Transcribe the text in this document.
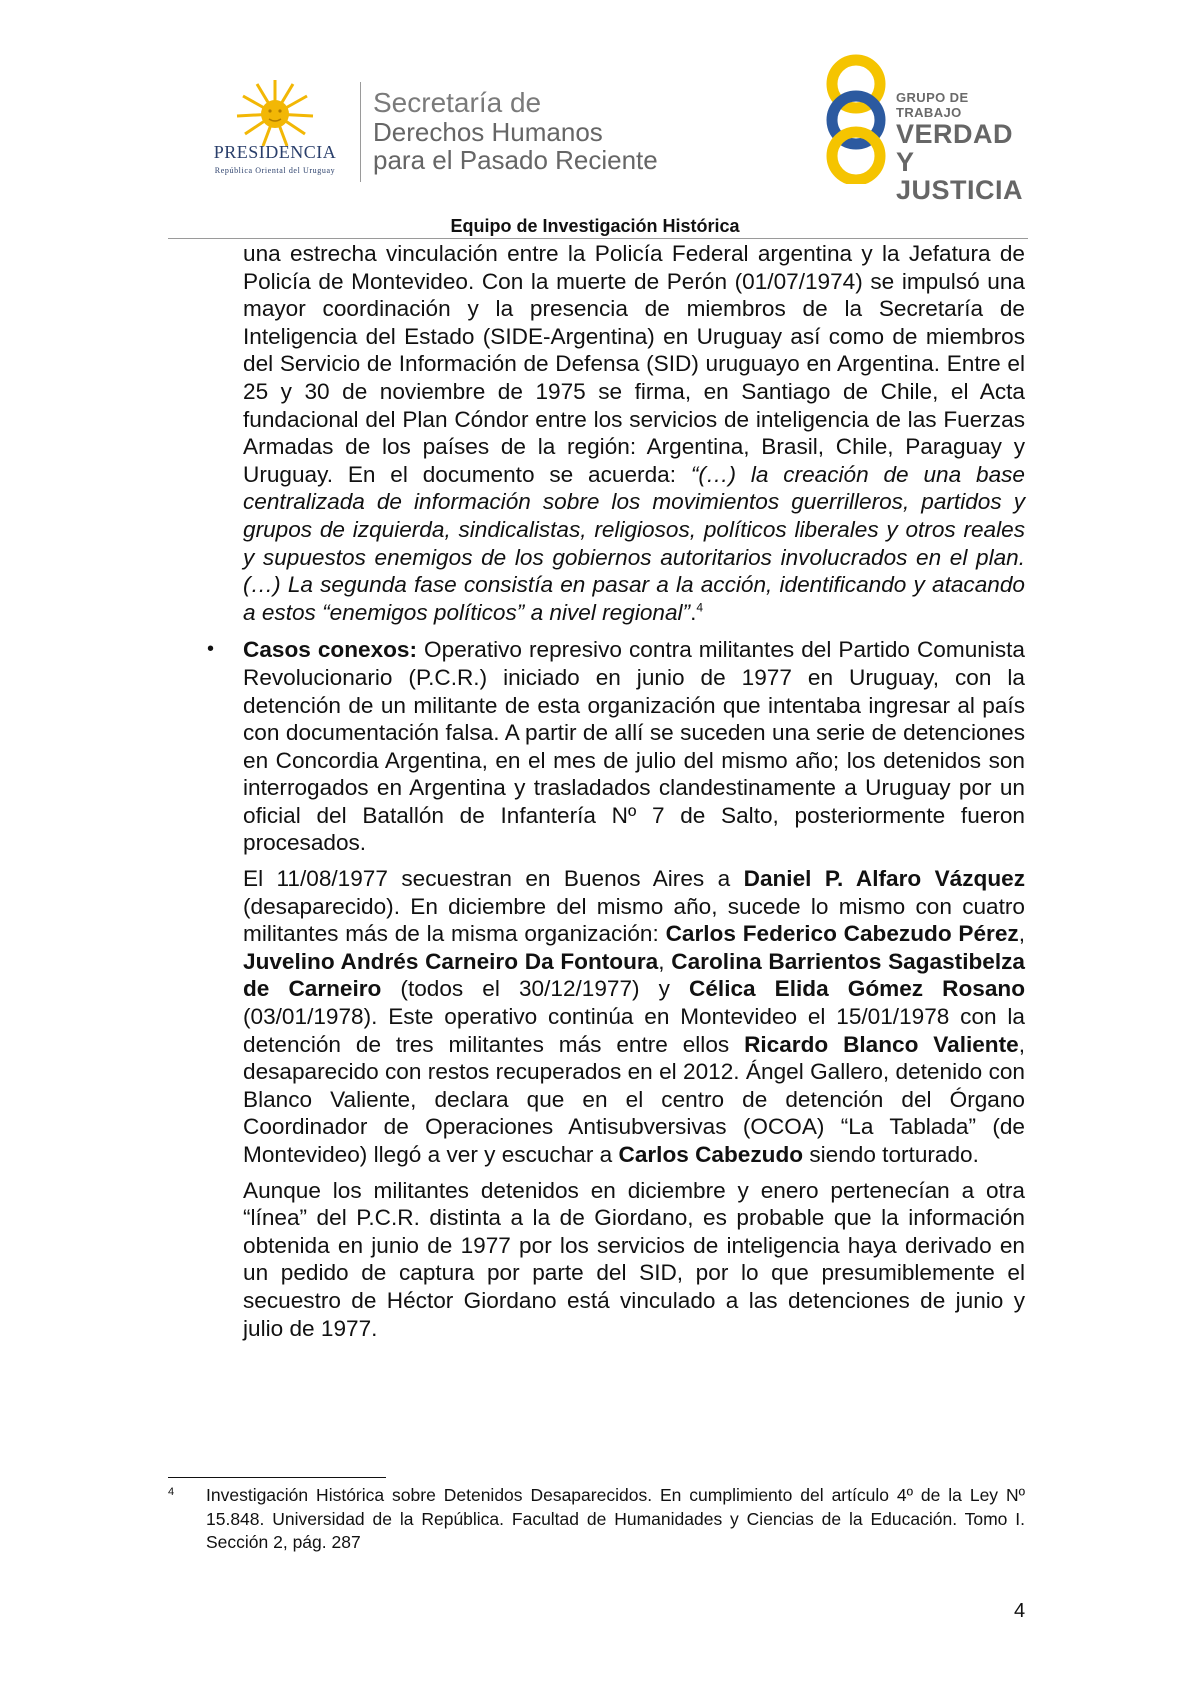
PRESIDENCIA
República Oriental del Uruguay
Secretaría de
Derechos Humanos
para el Pasado Reciente
GRUPO DE TRABAJO
VERDAD Y
JUSTICIA
Equipo de Investigación Histórica

una estrecha vinculación entre la Policía Federal argentina y la Jefatura de Policía de Montevideo. Con la muerte de Perón (01/07/1974) se impulsó una mayor coordinación y la presencia de miembros de la Secretaría de Inteligencia del Estado (SIDE-Argentina) en Uruguay así como de miembros del Servicio de Información de Defensa (SID) uruguayo en Argentina. Entre el 25 y 30 de noviembre de 1975 se firma, en Santiago de Chile, el Acta fundacional del Plan Cóndor entre los servicios de inteligencia de las Fuerzas Armadas de los países de la región: Argentina, Brasil, Chile, Paraguay y Uruguay. En el documento se acuerda: “(…) la creación de una base centralizada de información sobre los movimientos guerrilleros, partidos y grupos de izquierda, sindicalistas, religiosos, políticos liberales y otros reales y supuestos enemigos de los gobiernos autoritarios involucrados en el plan. (…) La segunda fase consistía en pasar a la acción, identificando y atacando a estos “enemigos políticos” a nivel regional”.$^4$

• Casos conexos: Operativo represivo contra militantes del Partido Comunista Revolucionario (P.C.R.) iniciado en junio de 1977 en Uruguay, con la detención de un militante de esta organización que intentaba ingresar al país con documentación falsa. A partir de allí se suceden una serie de detenciones en Concordia Argentina, en el mes de julio del mismo año; los detenidos son interrogados en Argentina y trasladados clandestinamente a Uruguay por un oficial del Batallón de Infantería Nº 7 de Salto, posteriormente fueron procesados.

El 11/08/1977 secuestran en Buenos Aires a Daniel P. Alfaro Vázquez (desaparecido). En diciembre del mismo año, sucede lo mismo con cuatro militantes más de la misma organización: Carlos Federico Cabezudo Pérez, Juvelino Andrés Carneiro Da Fontoura, Carolina Barrientos Sagastibelza de Carneiro (todos el 30/12/1977) y Célica Elida Gómez Rosano (03/01/1978). Este operativo continúa en Montevideo el 15/01/1978 con la detención de tres militantes más entre ellos Ricardo Blanco Valiente, desaparecido con restos recuperados en el 2012. Ángel Gallero, detenido con Blanco Valiente, declara que en el centro de detención del Órgano Coordinador de Operaciones Antisubversivas (OCOA) “La Tablada” (de Montevideo) llegó a ver y escuchar a Carlos Cabezudo siendo torturado.

Aunque los militantes detenidos en diciembre y enero pertenecían a otra “línea” del P.C.R. distinta a la de Giordano, es probable que la información obtenida en junio de 1977 por los servicios de inteligencia haya derivado en un pedido de captura por parte del SID, por lo que presumiblemente el secuestro de Héctor Giordano está vinculado a las detenciones de junio y julio de 1977.

4 Investigación Histórica sobre Detenidos Desaparecidos. En cumplimiento del artículo 4º de la Ley Nº 15.848. Universidad de la República. Facultad de Humanidades y Ciencias de la Educación. Tomo I. Sección 2, pág. 287
4
